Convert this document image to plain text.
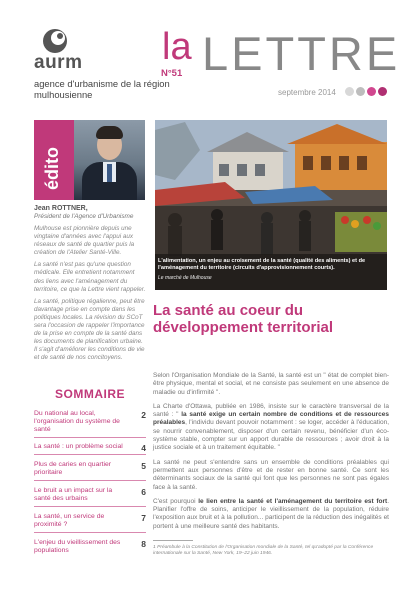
aurm
agence d'urbanisme de la région mulhousienne
la
N°51 LETTRE
septembre 2014
édito
Jean ROTTNER,
Président de l'Agence d'Urbanisme

Mulhouse est pionnière depuis une vingtaine d'années avec l'appui aux réseaux de santé de quartier puis la création de l'Atelier Santé-Ville.

La santé n'est pas qu'une question médicale. Elle entretient notamment des liens avec l'aménagement du territoire, ce que la Lettre vient rappeler.

La santé, politique régalienne, peut être davantage prise en compte dans les politiques locales. La révision du SCoT sera l'occasion de rappeler l'importance de la prise en compte de la santé dans les documents de planification urbaine. Il s'agit d'améliorer les conditions de vie et de santé de nos concitoyens.

SOMMAIRE
Du national au local, l'organisation du système de santé
2
La santé : un problème social	4
Plus de caries en quartier prioritaire
5
Le bruit a un impact sur la santé des urbains
6
La santé, un service de proximité ?
7
L'enjeu du vieillissement des populations
8
L'alimentation, un enjeu au croisement de la santé (qualité des aliments) et de l'aménagement du territoire (circuits d'approvisionnement courts).
Le marché de Mulhouse
La santé au coeur du développement territorial

Selon l'Organisation Mondiale de la Santé, la santé est un " état de complet bien-être physique, mental et social, et ne consiste pas seulement en une absence de maladie ou d'infirmité ".

La Charte d'Ottawa, publiée en 1986, insiste sur le caractère transversal de la santé : " la santé exige un certain nombre de conditions et de ressources préalables, l'individu devant pouvoir notamment : se loger, accéder à l'éducation, se nourrir convenablement, disposer d'un certain revenu, bénéficier d'un éco-système stable, compter sur un apport durable de ressources ; avoir droit à la justice sociale et à un traitement équitable. "

La santé ne peut s'entendre sans un ensemble de conditions préalables qui permettent aux personnes d'être et de rester en bonne santé. Ce sont les déterminants sociaux de la santé qui font que les personnes ne sont pas égales face à la santé.

C'est pourquoi le lien entre la santé et l'aménagement du territoire est fort. Planifier l'offre de soins, anticiper le vieillissement de la population, réduire l'exposition aux bruit et à la pollution... participent de la réduction des inégalités et portent à une meilleure santé des habitants.

1 Préambule à la Constitution de l'Organisation mondiale de la Santé, tel qu'adopté par la Conférence internationale sur la Santé, New York, 19–22 juin 1946.
